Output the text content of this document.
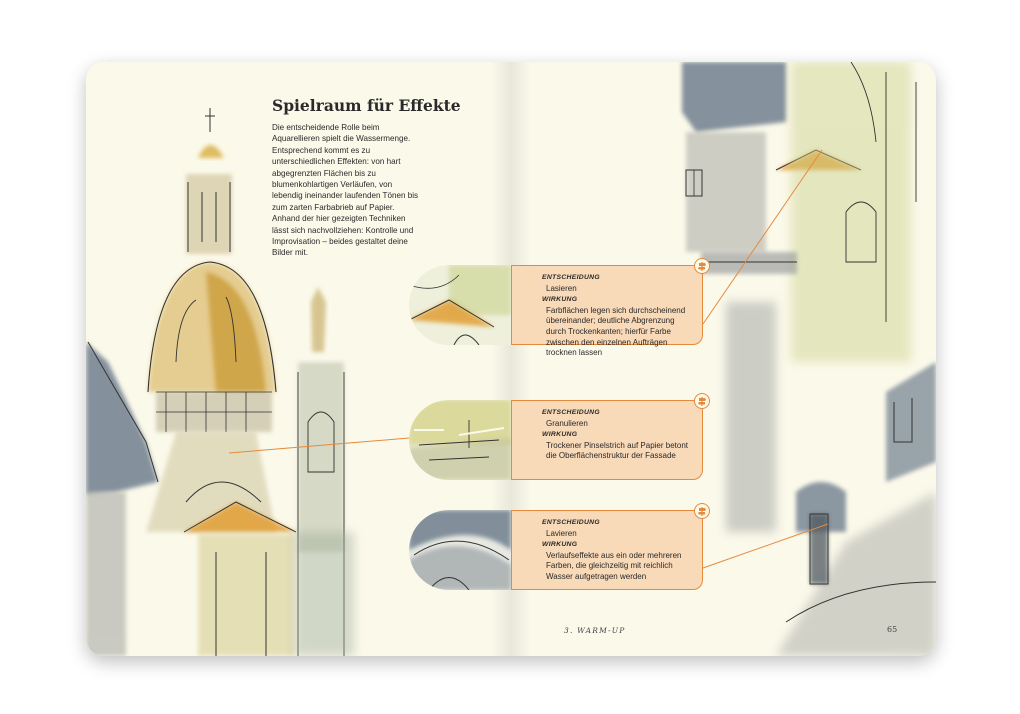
Spielraum für Effekte

Die entscheidende Rolle beim Aquarellieren spielt die Wassermenge. Entsprechend kommt es zu unterschiedlichen Effekten: von hart abgegrenzten Flächen bis zu blumenkohlartigen Verläufen, von lebendig ineinander laufenden Tönen bis zum zarten Farbabrieb auf Papier. Anhand der hier gezeigten Techniken lässt sich nachvollziehen: Kontrolle und Improvisation – beides gestaltet deine Bilder mit.

ENTSCHEIDUNG
Lasieren
WIRKUNG
Farbflächen legen sich durchscheinend übereinander; deutliche Abgrenzung durch Trockenkanten; hierfür Farbe zwischen den einzelnen Aufträgen trocknen lassen
ENTSCHEIDUNG
Granulieren
WIRKUNG
Trockener Pinselstrich auf Papier betont die Oberflächenstruktur der Fassade
ENTSCHEIDUNG
Lavieren
WIRKUNG
Verlaufseffekte aus ein oder mehreren Farben, die gleichzeitig mit reichlich Wasser aufgetragen werden
3. WARM-UP	65
